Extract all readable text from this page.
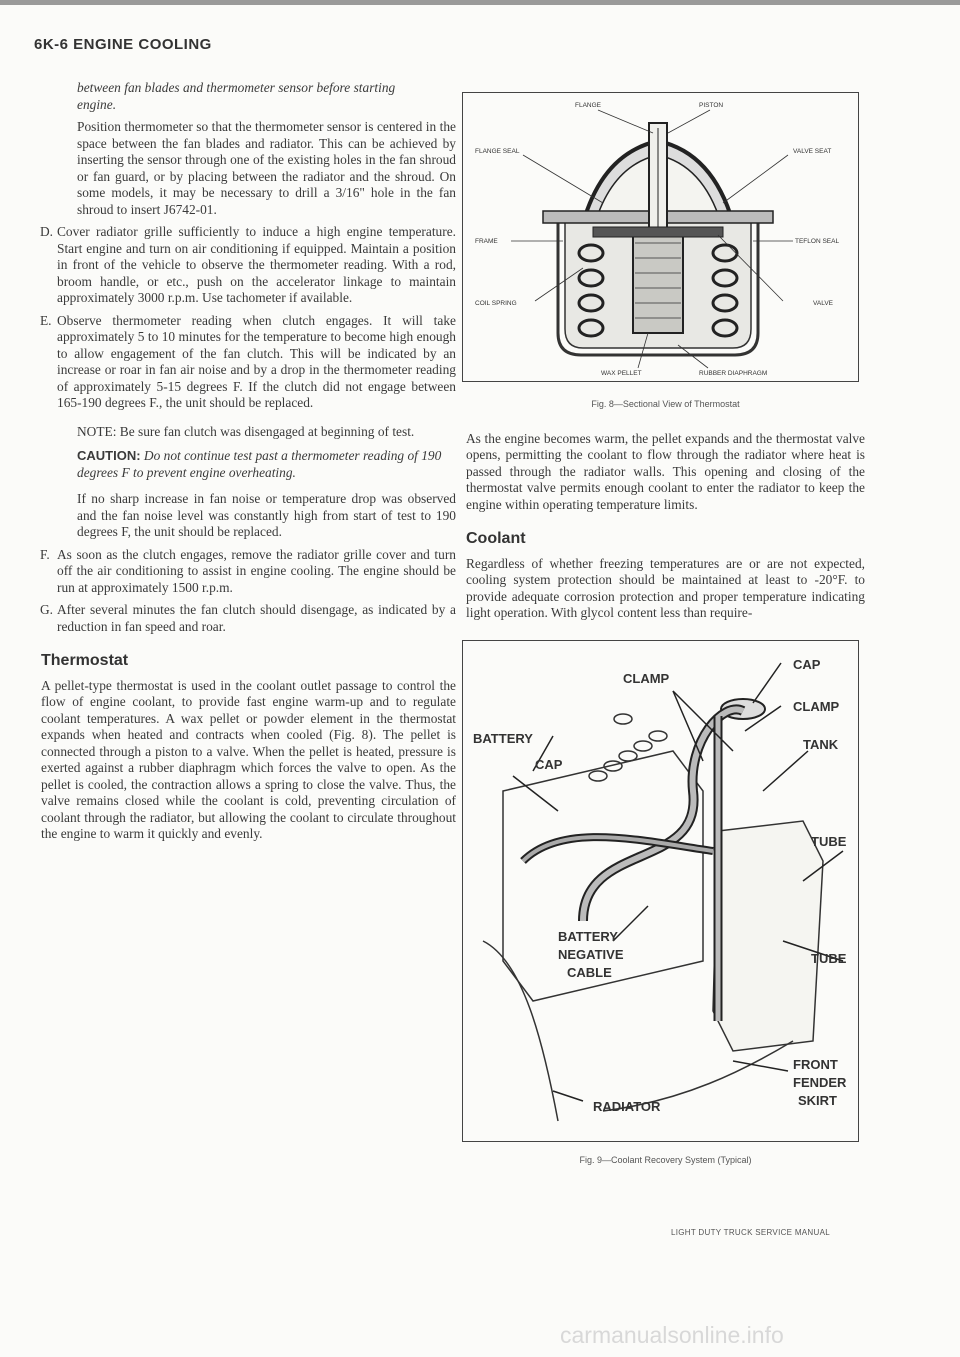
6K-6 ENGINE COOLING

between fan blades and thermometer sensor before starting engine.

Position thermometer so that the thermometer sensor is centered in the space between the fan blades and radiator. This can be achieved by inserting the sensor through one of the existing holes in the fan shroud or fan guard, or by placing between the radiator and the shroud. On some models, it may be necessary to drill a 3/16" hole in the fan shroud to insert J6742-01.

D. Cover radiator grille sufficiently to induce a high engine temperature. Start engine and turn on air conditioning if equipped. Maintain a position in front of the vehicle to observe the thermometer reading. With a rod, broom handle, or etc., push on the accelerator linkage to maintain approximately 3000 r.p.m. Use tachometer if available.
E. Observe thermometer reading when clutch engages. It will take approximately 5 to 10 minutes for the temperature to become high enough to allow engagement of the fan clutch. This will be indicated by an increase or roar in fan air noise and by a drop in the thermometer reading of approximately 5-15 degrees F. If the clutch did not engage between 165-190 degrees F., the unit should be replaced.

NOTE: Be sure fan clutch was disengaged at beginning of test.

CAUTION: Do not continue test past a thermometer reading of 190 degrees F to prevent engine overheating.

If no sharp increase in fan noise or temperature drop was observed and the fan noise level was constantly high from start of test to 190 degrees F, the unit should be replaced.

F. As soon as the clutch engages, remove the radiator grille cover and turn off the air conditioning to assist in engine cooling. The engine should be run at approximately 1500 r.p.m.
G. After several minutes the fan clutch should disengage, as indicated by a reduction in fan speed and roar.
Thermostat

A pellet-type thermostat is used in the coolant outlet passage to control the flow of engine coolant, to provide fast engine warm-up and to regulate coolant temperatures. A wax pellet or powder element in the thermostat expands when heated and contracts when cooled (Fig. 8). The pellet is connected through a piston to a valve. When the pellet is heated, pressure is exerted against a rubber diaphragm which forces the valve to open. As the pellet is cooled, the contraction allows a spring to close the valve. Thus, the valve remains closed while the coolant is cold, preventing circulation of coolant through the radiator, but allowing the coolant to circulate throughout the engine to warm it quickly and evenly.

FLANGE	PISTON
FLANGE SEAL	VALVE SEAT
FRAME	TEFLON SEAL
COIL SPRING	VALVE
WAX PELLET	RUBBER DIAPHRAGM
Fig. 8—Sectional View of Thermostat

As the engine becomes warm, the pellet expands and the thermostat valve opens, permitting the coolant to flow through the radiator where heat is passed through the radiator walls. This opening and closing of the thermostat valve permits enough coolant to enter the radiator to keep the engine within operating temperature limits.

Coolant

Regardless of whether freezing temperatures are or are not expected, cooling system protection should be maintained at least to -20°F. to provide adequate corrosion protection and proper temperature indicating light operation. With glycol content less than require-

CLAMP
CAP
CLAMP
BATTERY	TANK
CAP
TUBE
BATTERY
NEGATIVE
CABLE
TUBE
FRONT
FENDER
SKIRT
RADIATOR
Fig. 9—Coolant Recovery System (Typical)
LIGHT DUTY TRUCK SERVICE MANUAL
carmanualsonline.info
